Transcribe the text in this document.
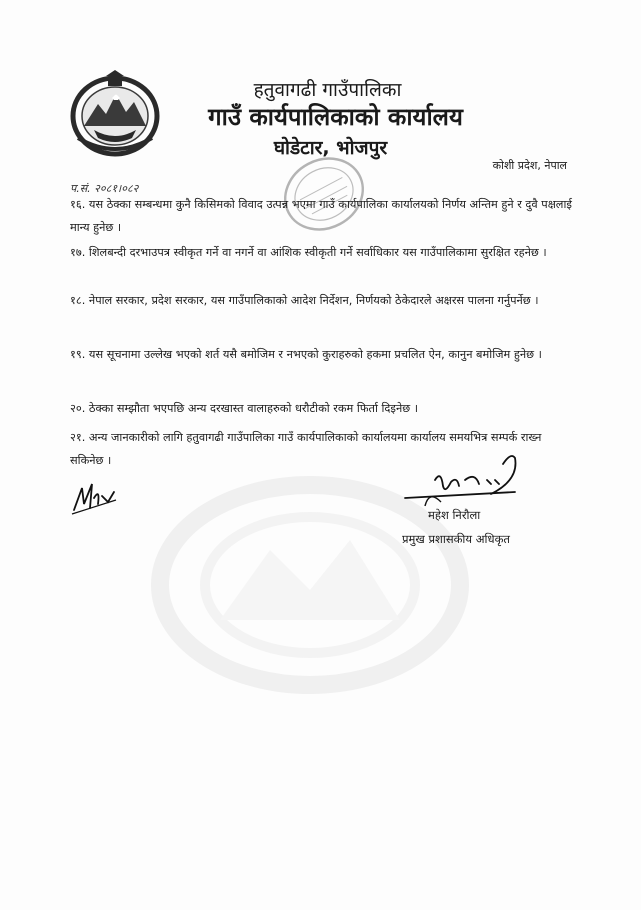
हतुवागढी गाउँपालिका
गाउँ कार्यपालिकाको कार्यालय
घोडेटार, भोजपुर
कोशी प्रदेश, नेपाल
प.सं. २०८१।०८२

१६. यस ठेक्का सम्बन्धमा कुनै किसिमको विवाद उत्पन्न भएमा गाउँ कार्यपालिका कार्यालयको निर्णय अन्तिम हुने र दुवै पक्षलाई मान्य हुनेछ ।

१७. शिलबन्दी दरभाउपत्र स्वीकृत गर्ने वा नगर्ने वा आंशिक स्वीकृती गर्ने सर्वाधिकार यस गाउँपालिकामा सुरक्षित रहनेछ ।

१८. नेपाल सरकार, प्रदेश सरकार, यस गाउँपालिकाको आदेश निर्देशन, निर्णयको ठेकेदारले अक्षरस पालना गर्नुपर्नेछ ।

१९. यस सूचनामा उल्लेख भएको शर्त यसै बमोजिम र नभएको कुराहरुको हकमा प्रचलित ऐन, कानुन बमोजिम हुनेछ ।

२०. ठेक्का सम्झौता भएपछि अन्य दरखास्त वालाहरुको धरौटीको रकम फिर्ता दिइनेछ ।

२१. अन्य जानकारीको लागि हतुवागढी गाउँपालिका गाउँ कार्यपालिकाको कार्यालयमा कार्यालय समयभित्र सम्पर्क राख्न सकिनेछ ।

महेश निरौला
प्रमुख प्रशासकीय अधिकृत
